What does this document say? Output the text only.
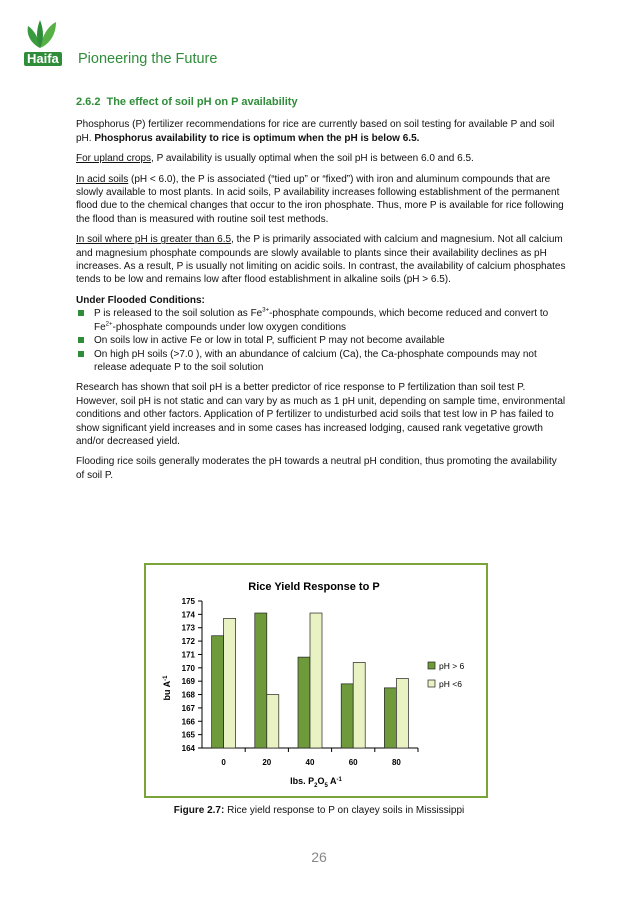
Haifa Pioneering the Future
2.6.2 The effect of soil pH on P availability

Phosphorus (P) fertilizer recommendations for rice are currently based on soil testing for available P and soil pH. Phosphorus availability to rice is optimum when the pH is below 6.5.

For upland crops, P availability is usually optimal when the soil pH is between 6.0 and 6.5.

In acid soils (pH < 6.0), the P is associated (“tied up” or “fixed”) with iron and aluminum compounds that are slowly available to most plants. In acid soils, P availability increases following establishment of the permanent flood due to the chemical changes that occur to the iron phosphate. Thus, more P is available for rice following the flood than is measured with routine soil test methods.

In soil where pH is greater than 6.5, the P is primarily associated with calcium and magnesium. Not all calcium and magnesium phosphate compounds are slowly available to plants since their availability declines as pH increases. As a result, P is usually not limiting on acidic soils. In contrast, the availability of calcium phosphates tends to be low and remains low after flood establishment in alkaline soils (pH > 6.5).

Under Flooded Conditions:

P is released to the soil solution as $Fe^{3+}$-phosphate compounds, which become reduced and convert to $Fe^{2+}$-phosphate compounds under low oxygen conditions
On soils low in active Fe or low in total P, sufficient P may not become available
On high pH soils (>7.0 ), with an abundance of calcium (Ca), the Ca-phosphate compounds may not release adequate P to the soil solution

Research has shown that soil pH is a better predictor of rice response to P fertilization than soil test P. However, soil pH is not static and can vary by as much as 1 pH unit, depending on sample time, environmental conditions and other factors. Application of P fertilizer to undisturbed acid soils that test low in P has failed to show significant yield increases and in some cases has increased lodging, caused rank vegetative growth and/or decreased yield.

Flooding rice soils generally moderates the pH towards a neutral pH condition, thus promoting the availability of soil P.

Rice Yield Response to P
164
165
166
167
168
169
170
171
172
173
174
175
0	20	40	60	80
bu $A^{-1}$
lbs. $P_2O_5$ $A^{-1}$
pH > 6
pH <6
Figure 2.7: Rice yield response to P on clayey soils in Mississippi
26
